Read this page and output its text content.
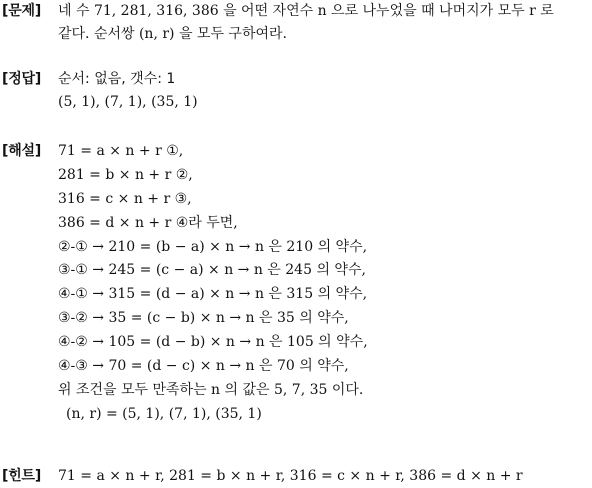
[문제] 네 수 71, 281, 316, 386 을 어떤 자연수 n 으로 나누었을 때 나머지가 모두 r 로
같다. 순서쌍 (n, r) 을 모두 구하여라.
[정답] 순서: 없음, 갯수: 1
(5, 1), (7, 1), (35, 1)
[해설] 71 = a × n + r ①,
281 = b × n + r ②,
316 = c × n + r ③,
386 = d × n + r ④라 두면,
②-① → 210 = (b − a) × n → n 은 210 의 약수,
③-① → 245 = (c − a) × n → n 은 245 의 약수,
④-① → 315 = (d − a) × n → n 은 315 의 약수,
③-② → 35 = (c − b) × n → n 은 35 의 약수,
④-② → 105 = (d − b) × n → n 은 105 의 약수,
④-③ → 70 = (d − c) × n → n 은 70 의 약수,
위 조건을 모두 만족하는 n 의 값은 5, 7, 35 이다.
(n, r) = (5, 1), (7, 1), (35, 1)
[힌트] 71 = a × n + r, 281 = b × n + r, 316 = c × n + r, 386 = d × n + r
